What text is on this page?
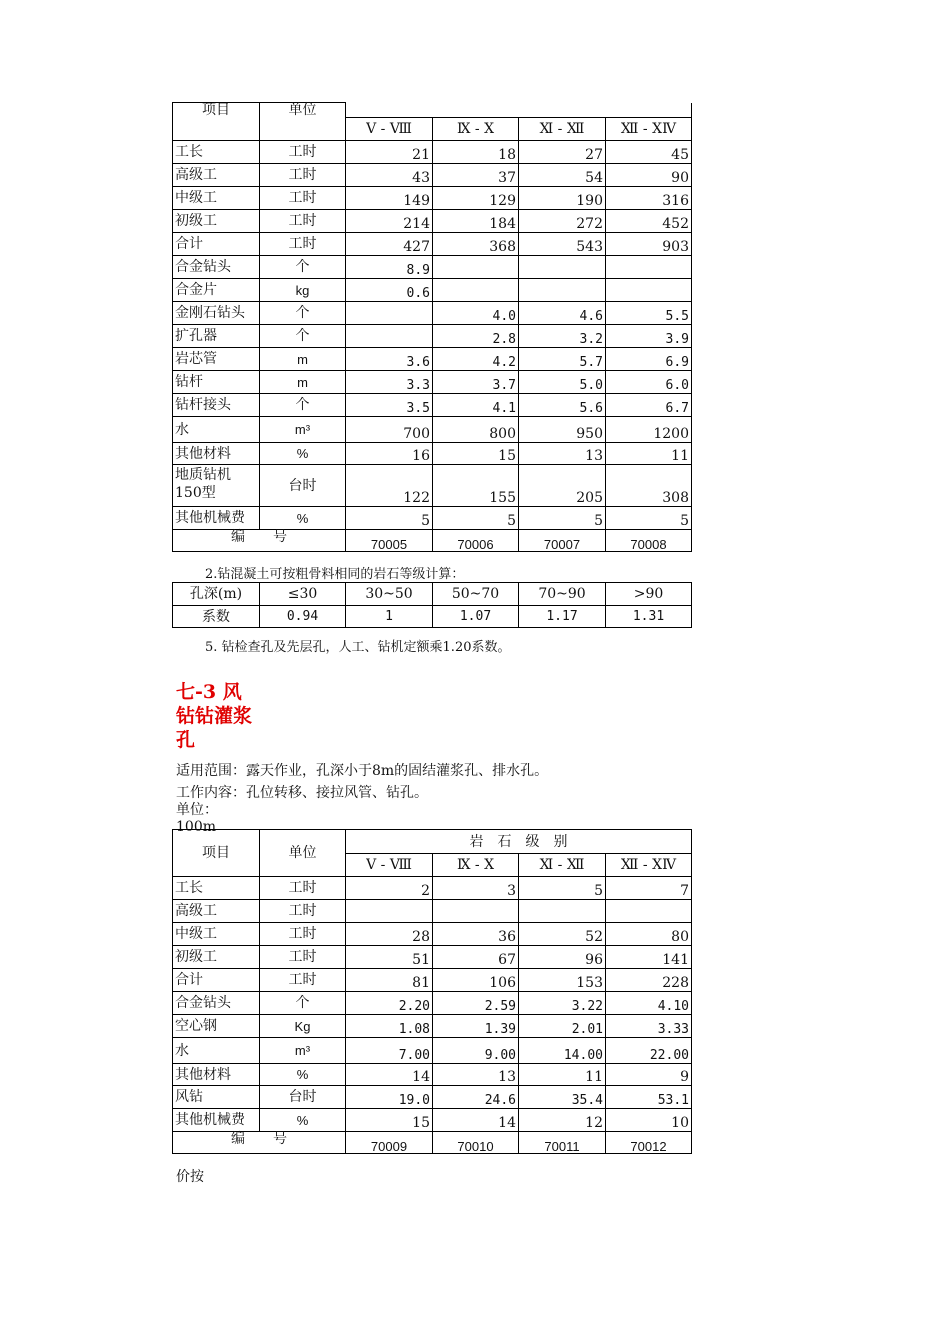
项目	单位				
		Ⅴ - Ⅷ	Ⅸ - Ⅹ	Ⅺ - Ⅻ	Ⅻ - ⅩⅣ
工长	工时	21	18	27	45
高级工	工时	43	37	54	90
中级工	工时	149	129	190	316
初级工	工时	214	184	272	452
合计	工时	427	368	543	903
合金钻头	个	8.9			
合金片	kg	0.6			
金刚石钻头	个		4.0	4.6	5.5
扩孔器	个		2.8	3.2	3.9
岩芯管	m	3.6	4.2	5.7	6.9
钻杆	m	3.3	3.7	5.0	6.0
钻杆接头	个	3.5	4.1	5.6	6.7
水	m³	700	800	950	1200
其他材料	%	16	15	13	11

地质钻机
150型	台时	122	155	205	308
其他机械费	%	5	5	5	5
编　　号		70005	70006	70007	70008
2.钻混凝土可按粗骨料相同的岩石等级计算：
孔深(m)	≤30	30~50	50~70	70~90	>90
系数	0.94	1	1.07	1.17	1.31
5. 钻检查孔及先层孔，人工、钻机定额乘1.20系数。
七-3 风
钻钻灌浆
孔
适用范围：露天作业，孔深小于8m的固结灌浆孔、排水孔。
工作内容：孔位转移、接拉风管、钻孔。
单位：
100m
项目	单位	岩　石　级　别			
		Ⅴ - Ⅷ	Ⅸ - Ⅹ	Ⅺ - Ⅻ	Ⅻ - ⅩⅣ
工长	工时	2	3	5	7
高级工	工时				
中级工	工时	28	36	52	80
初级工	工时	51	67	96	141
合计	工时	81	106	153	228
合金钻头	个	2.20	2.59	3.22	4.10
空心钢	Kg	1.08	1.39	2.01	3.33
水	m³	7.00	9.00	14.00	22.00
其他材料	%	14	13	11	9
风钻	台时	19.0	24.6	35.4	53.1
其他机械费	%	15	14	12	10
编　　号		70009	70010	70011	70012
价按
